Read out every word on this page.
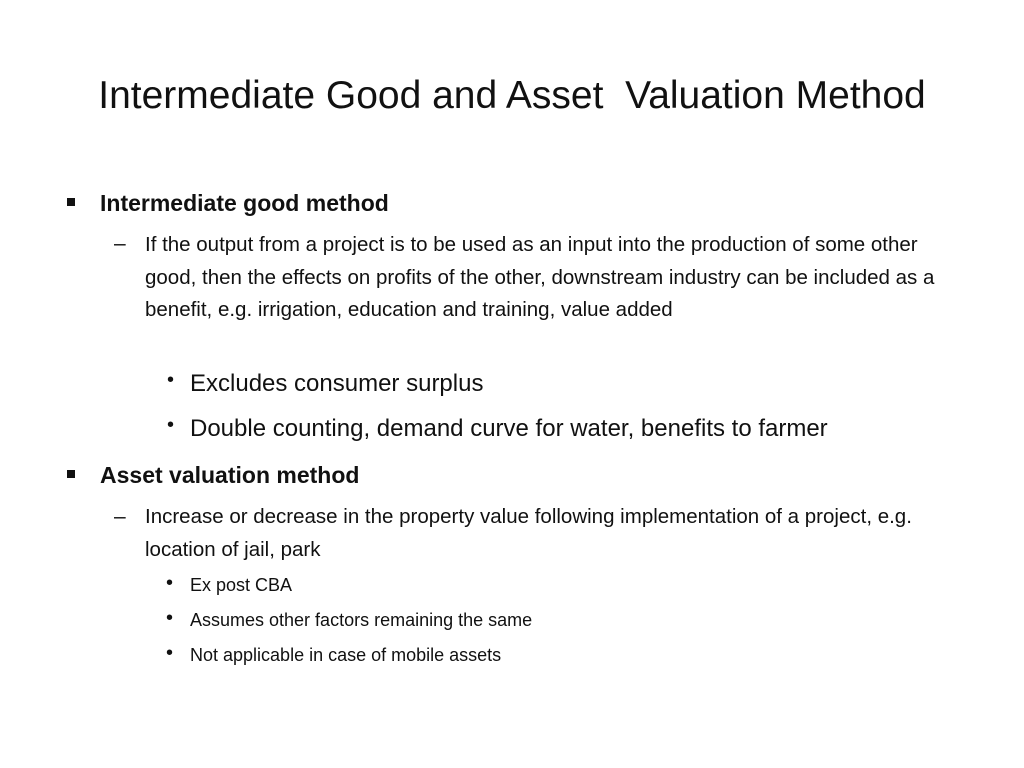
Intermediate Good and Asset  Valuation Method
Intermediate good method
– If the output from a project is to be used as an input into the production of some other good, then the effects on profits of the other, downstream industry can be included as a benefit, e.g. irrigation, education and training, value added
• Excludes consumer surplus
• Double counting, demand curve for water, benefits to farmer
Asset valuation method
– Increase or decrease in the property value following implementation of a project, e.g. location of jail, park
• Ex post CBA
• Assumes other factors remaining the same
• Not applicable in case of mobile assets
